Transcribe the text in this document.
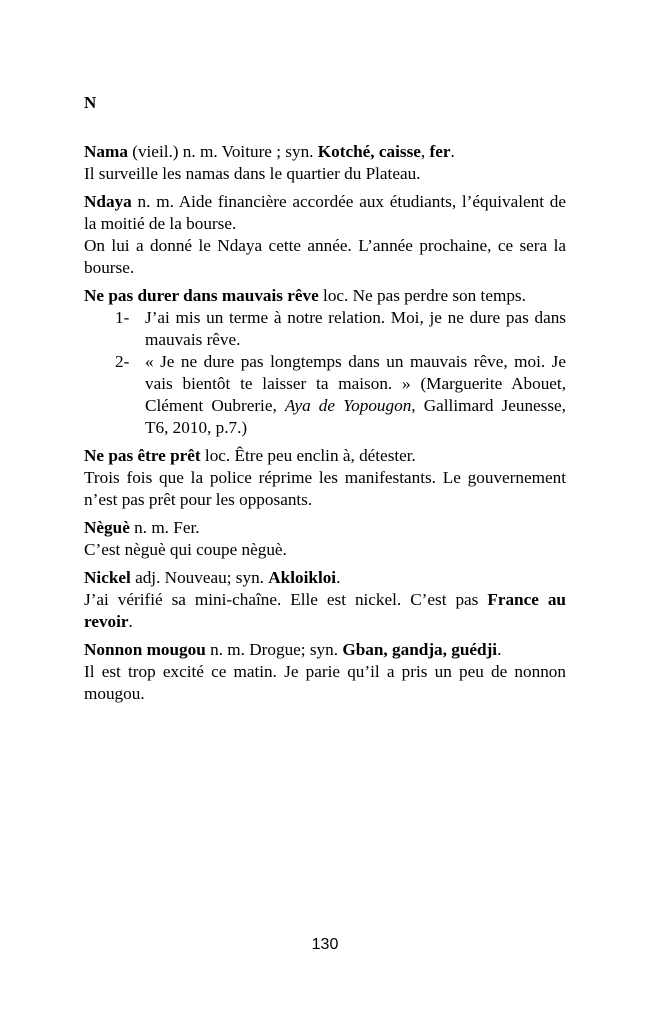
N

Nama (vieil.) n. m. Voiture ; syn. Kotché, caisse, fer.

Il surveille les namas dans le quartier du Plateau.

Ndaya n. m. Aide financière accordée aux étudiants, l’équivalent de la moitié de la bourse.

On lui a donné le Ndaya cette année. L’année prochaine, ce sera la bourse.

Ne pas durer dans mauvais rêve loc. Ne pas perdre son temps.

1- J’ai mis un terme à notre relation. Moi, je ne dure pas dans mauvais rêve.
2- « Je ne dure pas longtemps dans un mauvais rêve, moi. Je vais bientôt te laisser ta maison. » (Marguerite Abouet, Clément Oubrerie, Aya de Yopougon, Gallimard Jeunesse, T6, 2010, p.7.)

Ne pas être prêt loc. Être peu enclin à, détester.

Trois fois que la police réprime les manifestants. Le gouvernement n’est pas prêt pour les opposants.

Nèguè n. m. Fer.

C’est nèguè qui coupe nèguè.

Nickel adj. Nouveau; syn. Akloikloi.

J’ai vérifié sa mini-chaîne. Elle est nickel. C’est pas France au revoir.

Nonnon mougou n. m. Drogue; syn. Gban, gandja, guédji.

Il est trop excité ce matin. Je parie qu’il a pris un peu de nonnon mougou.

130
